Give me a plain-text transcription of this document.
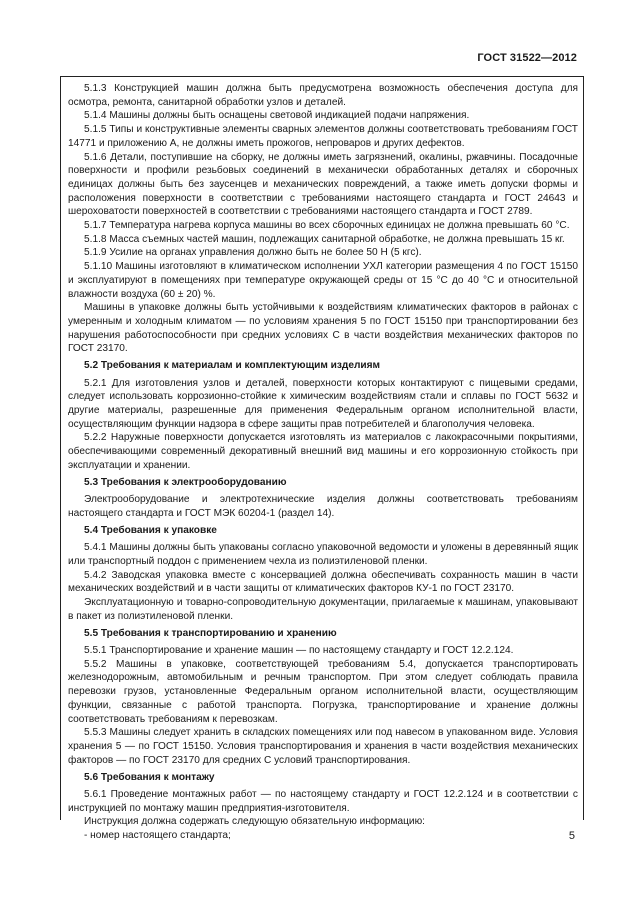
ГОСТ 31522—2012

5.1.3 Конструкцией машин должна быть предусмотрена возможность обеспечения доступа для осмотра, ремонта, санитарной обработки узлов и деталей.

5.1.4 Машины должны быть оснащены световой индикацией подачи напряжения.

5.1.5 Типы и конструктивные элементы сварных элементов должны соответствовать требованиям ГОСТ 14771 и приложению А, не должны иметь прожогов, непроваров и других дефектов.

5.1.6 Детали, поступившие на сборку, не должны иметь загрязнений, окалины, ржавчины. Посадочные поверхности и профили резьбовых соединений в механически обработанных деталях и сборочных единицах должны быть без заусенцев и механических повреждений, а также иметь допуски формы и расположения поверхности в соответствии с требованиями настоящего стандарта и ГОСТ 24643 и шероховатости поверхностей в соответствии с требованиями настоящего стандарта и ГОСТ 2789.

5.1.7 Температура нагрева корпуса машины во всех сборочных единицах не должна превышать 60 °С.

5.1.8 Масса съемных частей машин, подлежащих санитарной обработке, не должна превышать 15 кг.

5.1.9 Усилие на органах управления должно быть не более 50 Н (5 кгс).

5.1.10 Машины изготовляют в климатическом исполнении УХЛ категории размещения 4 по ГОСТ 15150 и эксплуатируют в помещениях при температуре окружающей среды от 15 °С до 40 °С и относительной влажности воздуха (60 ± 20) %.

Машины в упаковке должны быть устойчивыми к воздействиям климатических факторов в районах с умеренным и холодным климатом — по условиям хранения 5 по ГОСТ 15150 при транспортировании без нарушения работоспособности при средних условиях С в части воздействия механических факторов по ГОСТ 23170.

5.2 Требования к материалам и комплектующим изделиям

5.2.1 Для изготовления узлов и деталей, поверхности которых контактируют с пищевыми средами, следует использовать коррозионно-стойкие к химическим воздействиям стали и сплавы по ГОСТ 5632 и другие материалы, разрешенные для применения Федеральным органом исполнительной власти, осуществляющим функции надзора в сфере защиты прав потребителей и благополучия человека.

5.2.2 Наружные поверхности допускается изготовлять из материалов с лакокрасочными покрытиями, обеспечивающими современный декоративный внешний вид машины и его коррозионную стойкость при эксплуатации и хранении.

5.3 Требования к электрооборудованию

Электрооборудование и электротехнические изделия должны соответствовать требованиям настоящего стандарта и ГОСТ МЭК 60204-1 (раздел 14).

5.4 Требования к упаковке

5.4.1 Машины должны быть упакованы согласно упаковочной ведомости и уложены в деревянный ящик или транспортный поддон с применением чехла из полиэтиленовой пленки.

5.4.2 Заводская упаковка вместе с консервацией должна обеспечивать сохранность машин в части механических воздействий и в части защиты от климатических факторов КУ-1 по ГОСТ 23170.

Эксплуатационную и товарно-сопроводительную документации, прилагаемые к машинам, упаковывают в пакет из полиэтиленовой пленки.

5.5 Требования к транспортированию и хранению

5.5.1 Транспортирование и хранение машин — по настоящему стандарту и ГОСТ 12.2.124.

5.5.2 Машины в упаковке, соответствующей требованиям 5.4, допускается транспортировать железнодорожным, автомобильным и речным транспортом. При этом следует соблюдать правила перевозки грузов, установленные Федеральным органом исполнительной власти, осуществляющим функции, связанные с работой транспорта. Погрузка, транспортирование и хранение должны соответствовать требованиям к перевозкам.

5.5.3 Машины следует хранить в складских помещениях или под навесом в упакованном виде. Условия хранения 5 — по ГОСТ 15150. Условия транспортирования и хранения в части воздействия механических факторов — по ГОСТ 23170 для средних С условий транспортирования.

5.6 Требования к монтажу

5.6.1 Проведение монтажных работ — по настоящему стандарту и ГОСТ 12.2.124 и в соответствии с инструкцией по монтажу машин предприятия-изготовителя.

Инструкция должна содержать следующую обязательную информацию:

- номер настоящего стандарта;	5
